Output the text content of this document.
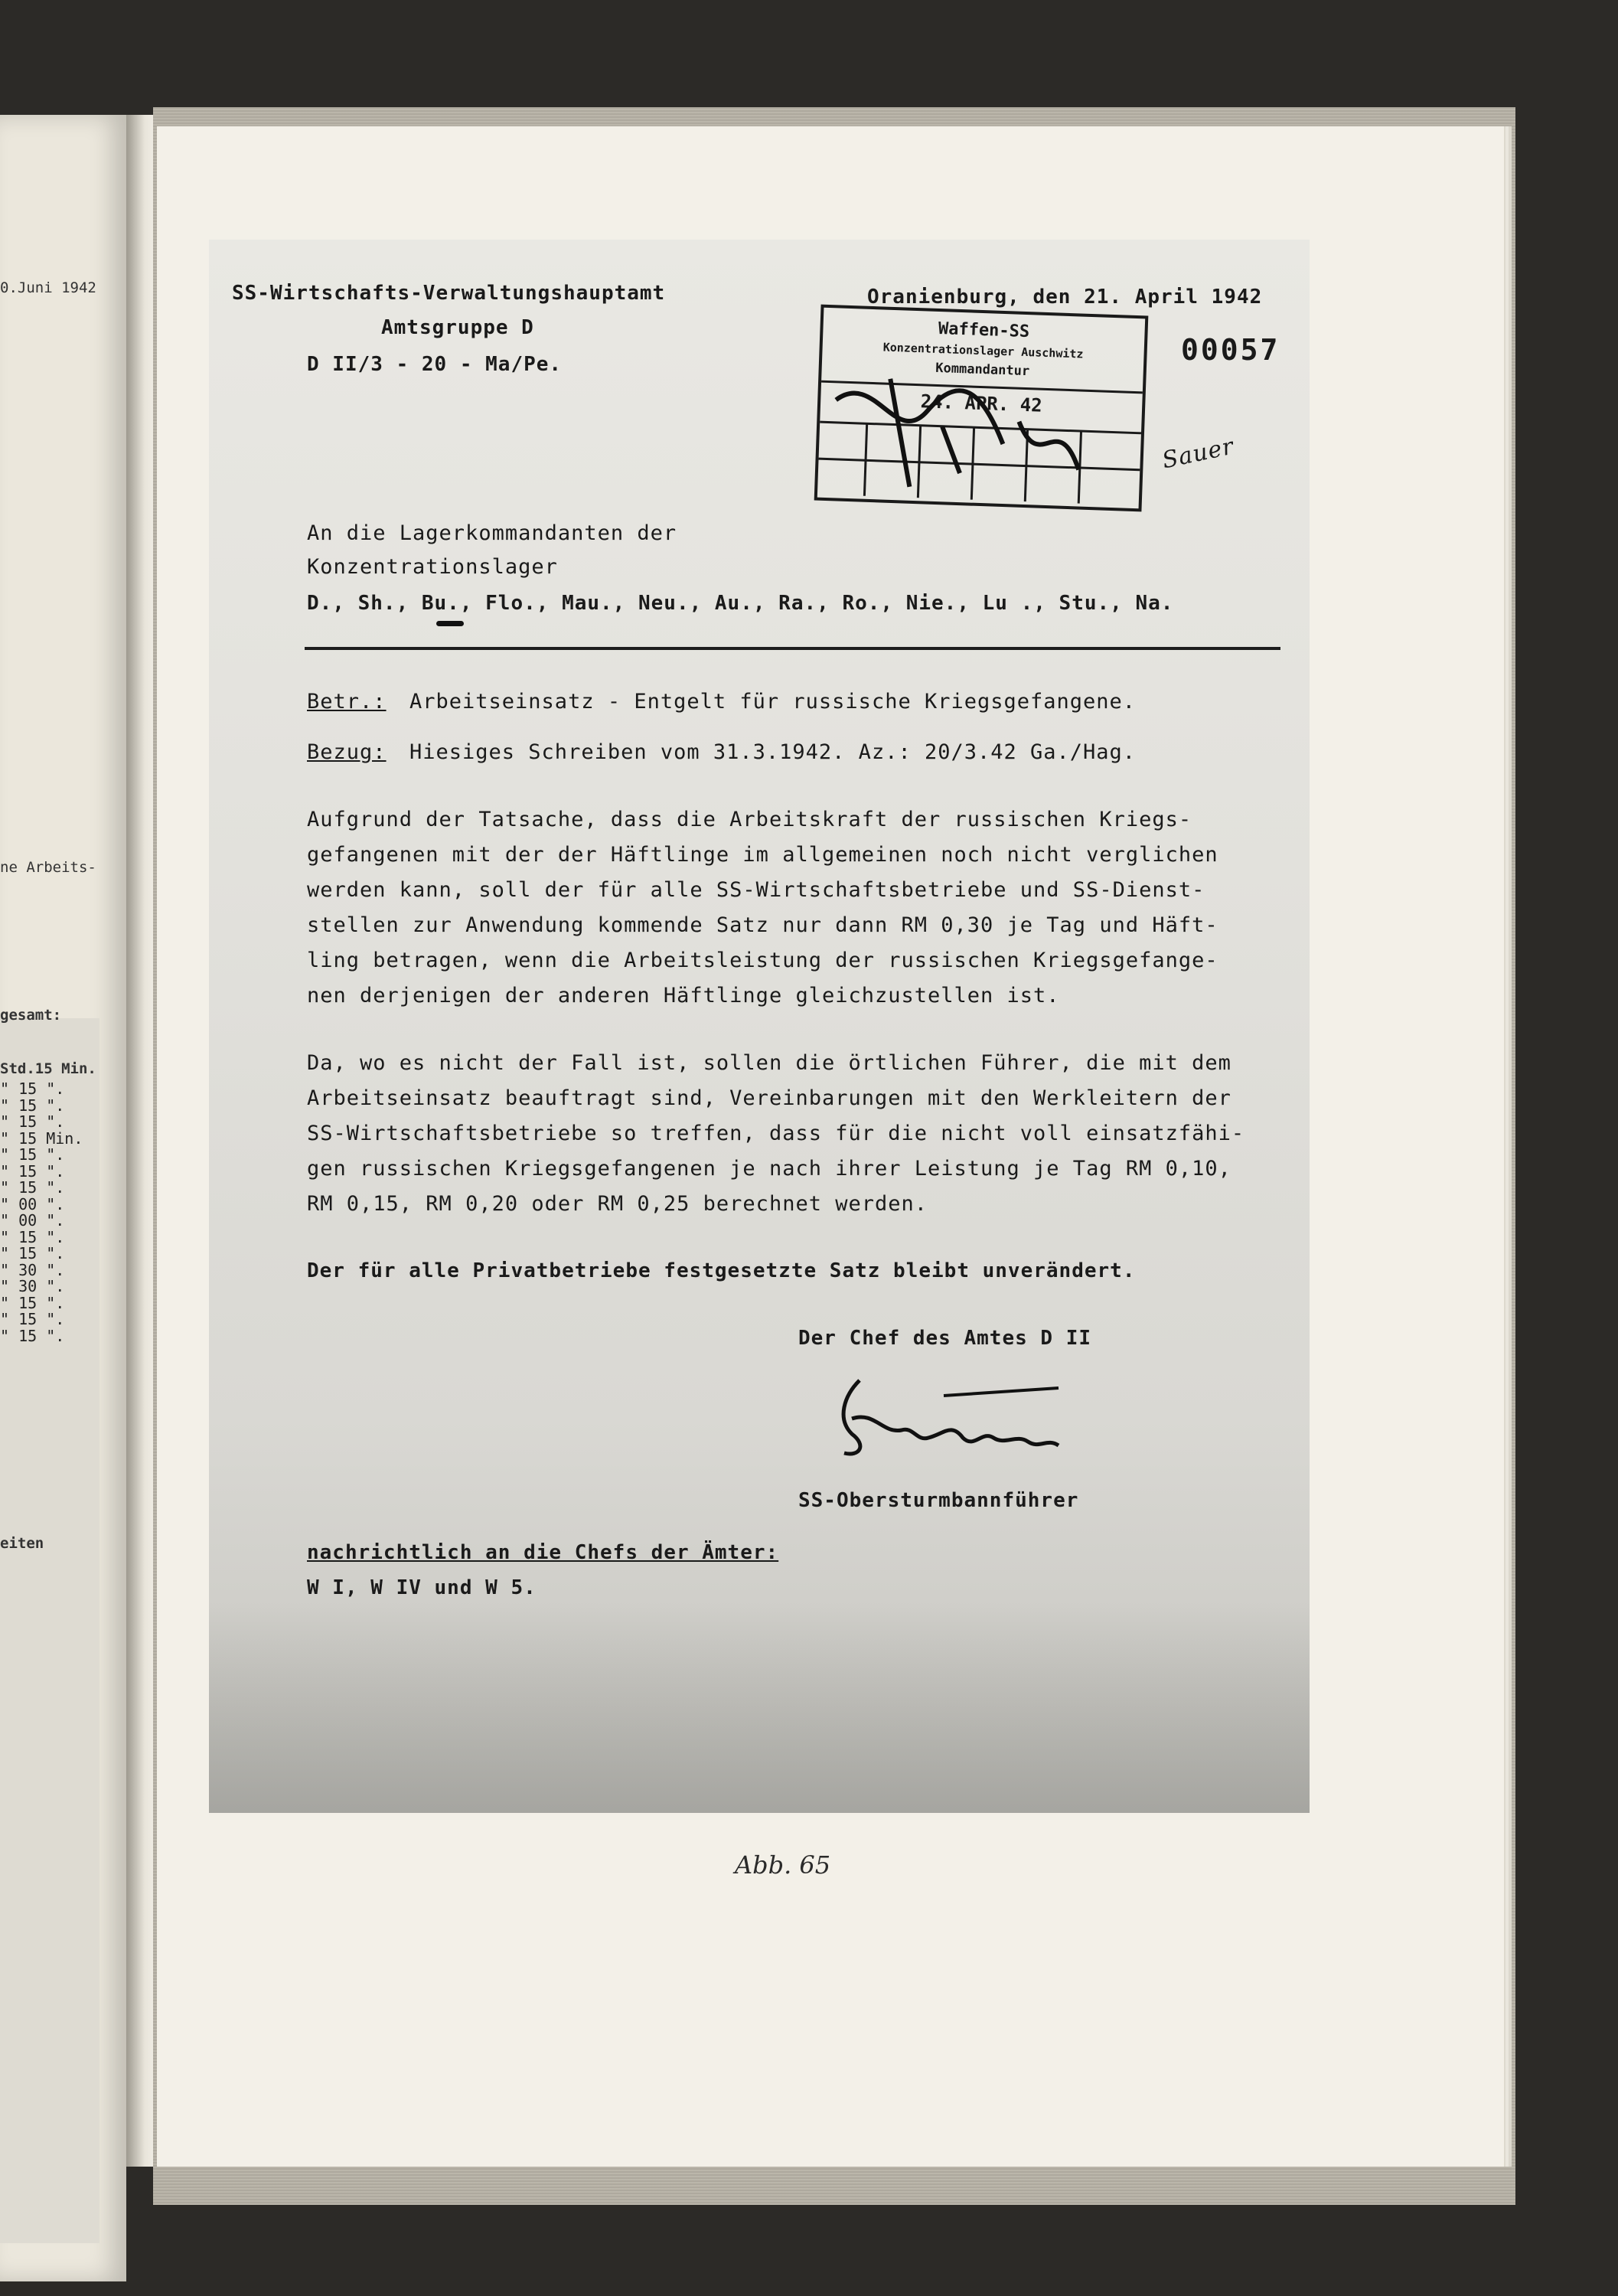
0.Juni 1942
ne Arbeits-
gesamt:
Std.15 Min.
" 15 ".
" 15 ".
" 15 ".
" 15 Min.
" 15 ".
" 15 ".
" 15 ".
" 00 ".
" 00 ".
" 15 ".
" 15 ".
" 30 ".
" 30 ".
" 15 ".
" 15 ".
" 15 ".
eiten
SS-Wirtschafts-Verwaltungshauptamt
Amtsgruppe D
D II/3 - 20 - Ma/Pe.
Oranienburg, den 21. April 1942
00057
Waffen-SS
Konzentrationslager Auschwitz
Kommandantur
24. APR. 42
Sauer
An die Lagerkommandanten der
Konzentrationslager
D., Sh., Bu., Flo., Mau., Neu., Au., Ra., Ro., Nie., Lu ., Stu., Na.
Betr.: Arbeitseinsatz - Entgelt für russische Kriegsgefangene.
Bezug: Hiesiges Schreiben vom 31.3.1942. Az.: 20/3.42 Ga./Hag.
Aufgrund der Tatsache, dass die Arbeitskraft der russischen Kriegs-
gefangenen mit der der Häftlinge im allgemeinen noch nicht verglichen
werden kann, soll der für alle SS-Wirtschaftsbetriebe und SS-Dienst-
stellen zur Anwendung kommende Satz nur dann RM 0,30 je Tag und Häft-
ling betragen, wenn die Arbeitsleistung der russischen Kriegsgefange-
nen derjenigen der anderen Häftlinge gleichzustellen ist.
Da, wo es nicht der Fall ist, sollen die örtlichen Führer, die mit dem
Arbeitseinsatz beauftragt sind, Vereinbarungen mit den Werkleitern der
SS-Wirtschaftsbetriebe so treffen, dass für die nicht voll einsatzfähi-
gen russischen Kriegsgefangenen je nach ihrer Leistung je Tag RM 0,10,
RM 0,15, RM 0,20 oder RM 0,25 berechnet werden.
Der für alle Privatbetriebe festgesetzte Satz bleibt unverändert.
Der Chef des Amtes D II
SS-Obersturmbannführer
nachrichtlich an die Chefs der Ämter:
W I, W IV und W 5.
Abb. 65
